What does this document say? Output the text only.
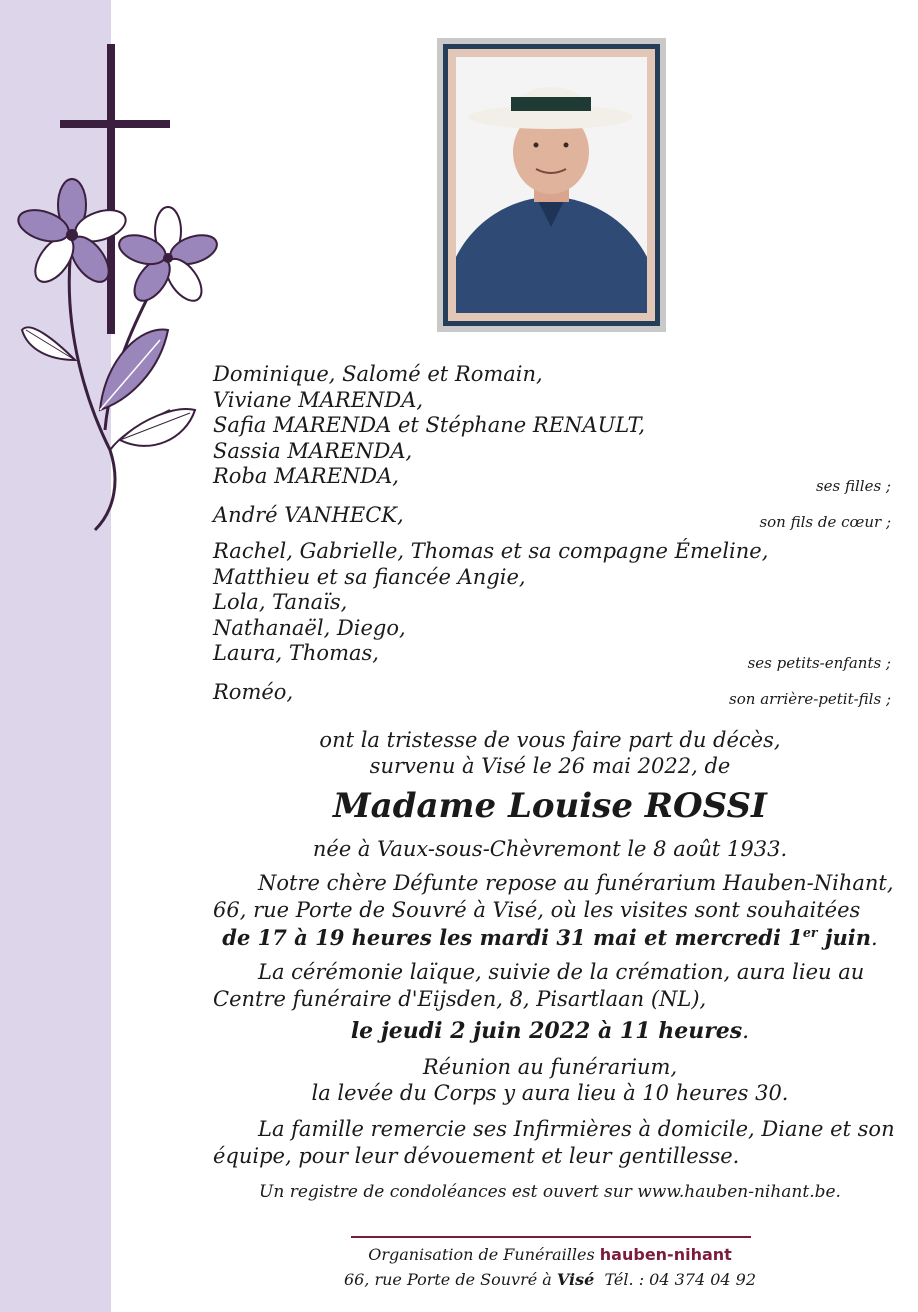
Dominique, Salomé et Romain,
Viviane MARENDA,
Safia MARENDA et Stéphane RENAULT,
Sassia MARENDA,
Roba MARENDA,	ses filles ;
André VANHECK,	son fils de cœur ;
Rachel, Gabrielle, Thomas et sa compagne Émeline,
Matthieu et sa fiancée Angie,
Lola, Tanaïs,
Nathanaël, Diego,
Laura, Thomas,	ses petits-enfants ;
Roméo,	son arrière-petit-fils ;
ont la tristesse de vous faire part du décès,
survenu à Visé le 26 mai 2022, de
Madame Louise ROSSI
née à Vaux-sous-Chèvremont le 8 août 1933.
Notre chère Défunte repose au funérarium Hauben-Nihant,
66, rue Porte de Souvré à Visé, où les visites sont souhaitées
de 17 à 19 heures les mardi 31 mai et mercredi 1er juin.
La cérémonie laïque, suivie de la crémation, aura lieu au
Centre funéraire d'Eijsden, 8, Pisartlaan (NL),
le jeudi 2 juin 2022 à 11 heures.
Réunion au funérarium,
la levée du Corps y aura lieu à 10 heures 30.
La famille remercie ses Infirmières à domicile, Diane et son
équipe, pour leur dévouement et leur gentillesse.
Un registre de condoléances est ouvert sur www.hauben-nihant.be.
Organisation de Funérailles hauben-nihant
66, rue Porte de Souvré à Visé  Tél. : 04 374 04 92
